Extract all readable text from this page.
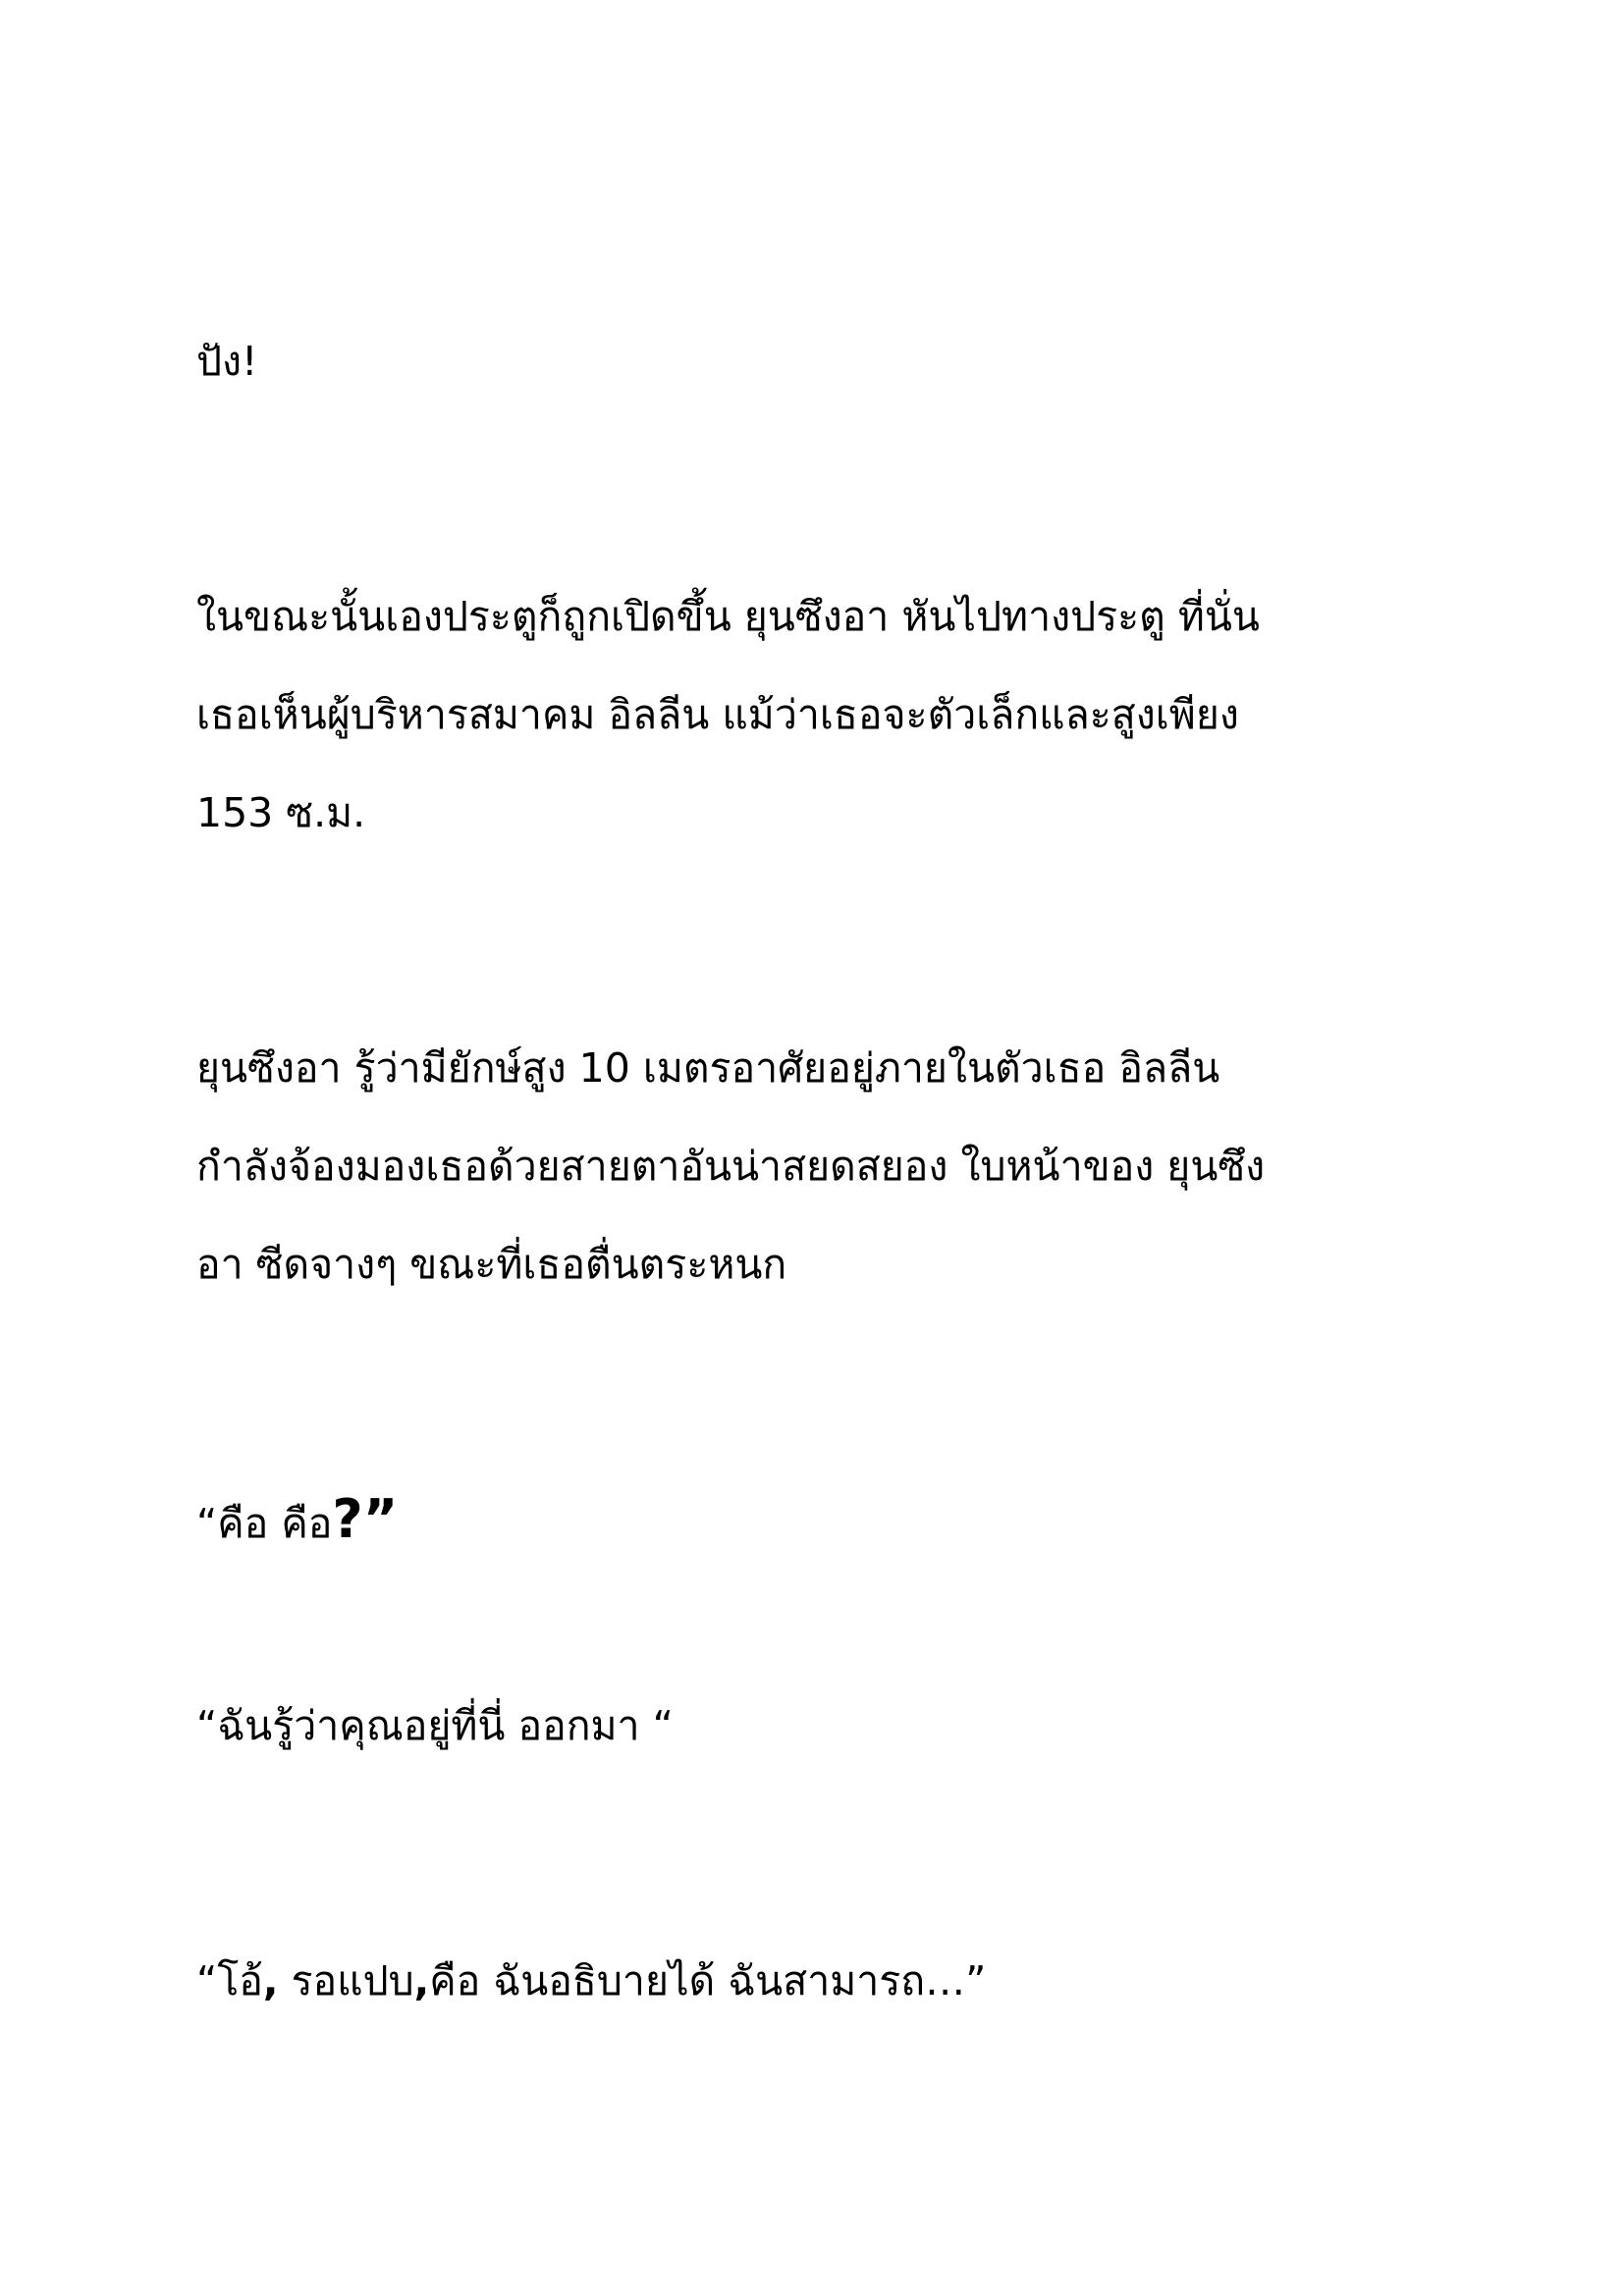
ปัง!

ในขณะนั้นเองประตูก็ถูกเปิดขึ้น ยุนซึงอา หันไปทางประตู ที่นั่น
เธอเห็นผู้บริหารสมาคม อิลลีน แม้ว่าเธอจะตัวเล็กและสูงเพียง
153 ซ.ม.

ยุนซึงอา รู้ว่ามียักษ์สูง 10 เมตรอาศัยอยู่ภายในตัวเธอ อิลลีน
กำลังจ้องมองเธอด้วยสายตาอันน่าสยดสยอง ใบหน้าของ ยุนซึง
อา ซีดจางๆ ขณะที่เธอตื่นตระหนก

“คือ คือ?”

“ฉันรู้ว่าคุณอยู่ที่นี่ ออกมา “

“โอ้, รอแปบ,คือ ฉันอธิบายได้ ฉันสามารถ…”
